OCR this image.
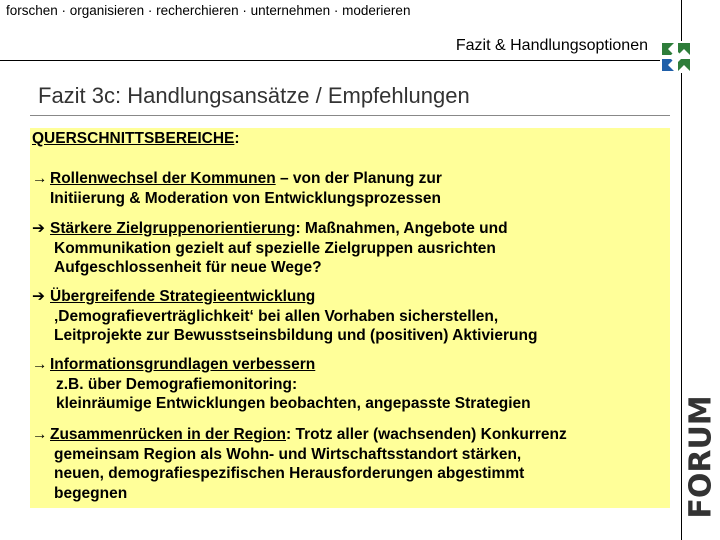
forschen · organisieren · recherchieren · unternehmen · moderieren
Fazit & Handlungsoptionen
Fazit 3c: Handlungsansätze / Empfehlungen
QUERSCHNITTSBEREICHE:
→ Rollenwechsel der Kommunen – von der Planung zur
Initiierung & Moderation von Entwicklungsprozessen
➔ Stärkere Zielgruppenorientierung: Maßnahmen, Angebote und
Kommunikation gezielt auf spezielle Zielgruppen ausrichten
Aufgeschlossenheit für neue Wege?
➔ Übergreifende Strategieentwicklung
‚Demografieverträglichkeit‘ bei allen Vorhaben sicherstellen,
Leitprojekte zur Bewusstseinsbildung und (positiven) Aktivierung
→ Informationsgrundlagen verbessern
z.B. über Demografiemonitoring:
kleinräumige Entwicklungen beobachten, angepasste Strategien
→ Zusammenrücken in der Region: Trotz aller (wachsenden) Konkurrenz
gemeinsam Region als Wohn- und Wirtschaftsstandort stärken,
neuen, demografiespezifischen Herausforderungen abgestimmt
begegnen	FORUM
